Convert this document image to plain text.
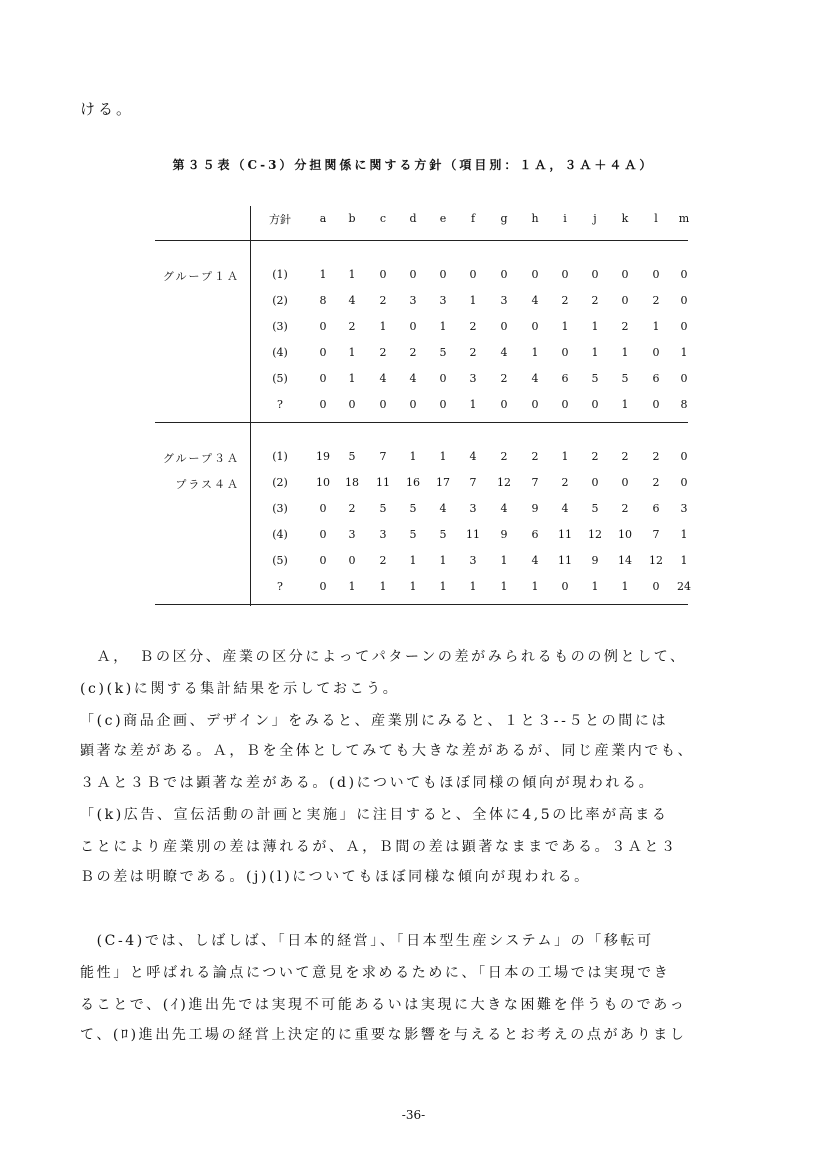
ける。
第３５表（C-3）分担関係に関する方針（項目別：１Ａ，３Ａ＋４Ａ）
方針	a	b	c	d	e	f	g	h	i	j	k	l	m
グループ１Ａ	(1)	1	1	0	0	0	0	0	0	0	0	0	0	0
(2)	8	4	2	3	3	1	3	4	2	2	0	2	0
(3)	0	2	1	0	1	2	0	0	1	1	2	1	0
(4)	0	1	2	2	5	2	4	1	0	1	1	0	1
(5)	0	1	4	4	0	3	2	4	6	5	5	6	0
?	0	0	0	0	0	1	0	0	0	0	1	0	8
グループ３Ａ
プラス４Ａ
(1)	19	5	7	1	1	4	2	2	1	2	2	2	0
(2)	10	18	11	16	17	7	12	7	2	0	0	2	0
(3)	0	2	5	5	4	3	4	9	4	5	2	6	3
(4)	0	3	3	5	5	11	9	6	11	12	10	7	1
(5)	0	0	2	1	1	3	1	4	11	9	14	12	1
?	0	1	1	1	1	1	1	1	0	1	1	0	24
　Ａ，　Ｂの区分、産業の区分によってパターンの差がみられるものの例として、
(c)(k)に関する集計結果を示しておこう。
「(c)商品企画、デザイン」をみると、産業別にみると、１と３--５との間には
顕著な差がある。Ａ，Ｂを全体としてみても大きな差があるが、同じ産業内でも、
３Ａと３Ｂでは顕著な差がある。(d)についてもほぼ同様の傾向が現われる。
「(k)広告、宣伝活動の計画と実施」に注目すると、全体に4,5の比率が高まる
ことにより産業別の差は薄れるが、Ａ，Ｂ間の差は顕著なままである。３Ａと３
Ｂの差は明瞭である。(j)(l)についてもほぼ同様な傾向が現われる。
　(C-4)では、しばしば、「日本的経営」、「日本型生産システム」の「移転可
能性」と呼ばれる論点について意見を求めるために、「日本の工場では実現でき
ることで、(ｲ)進出先では実現不可能あるいは実現に大きな困難を伴うものであっ
て、(ﾛ)進出先工場の経営上決定的に重要な影響を与えるとお考えの点がありまし
-36-
